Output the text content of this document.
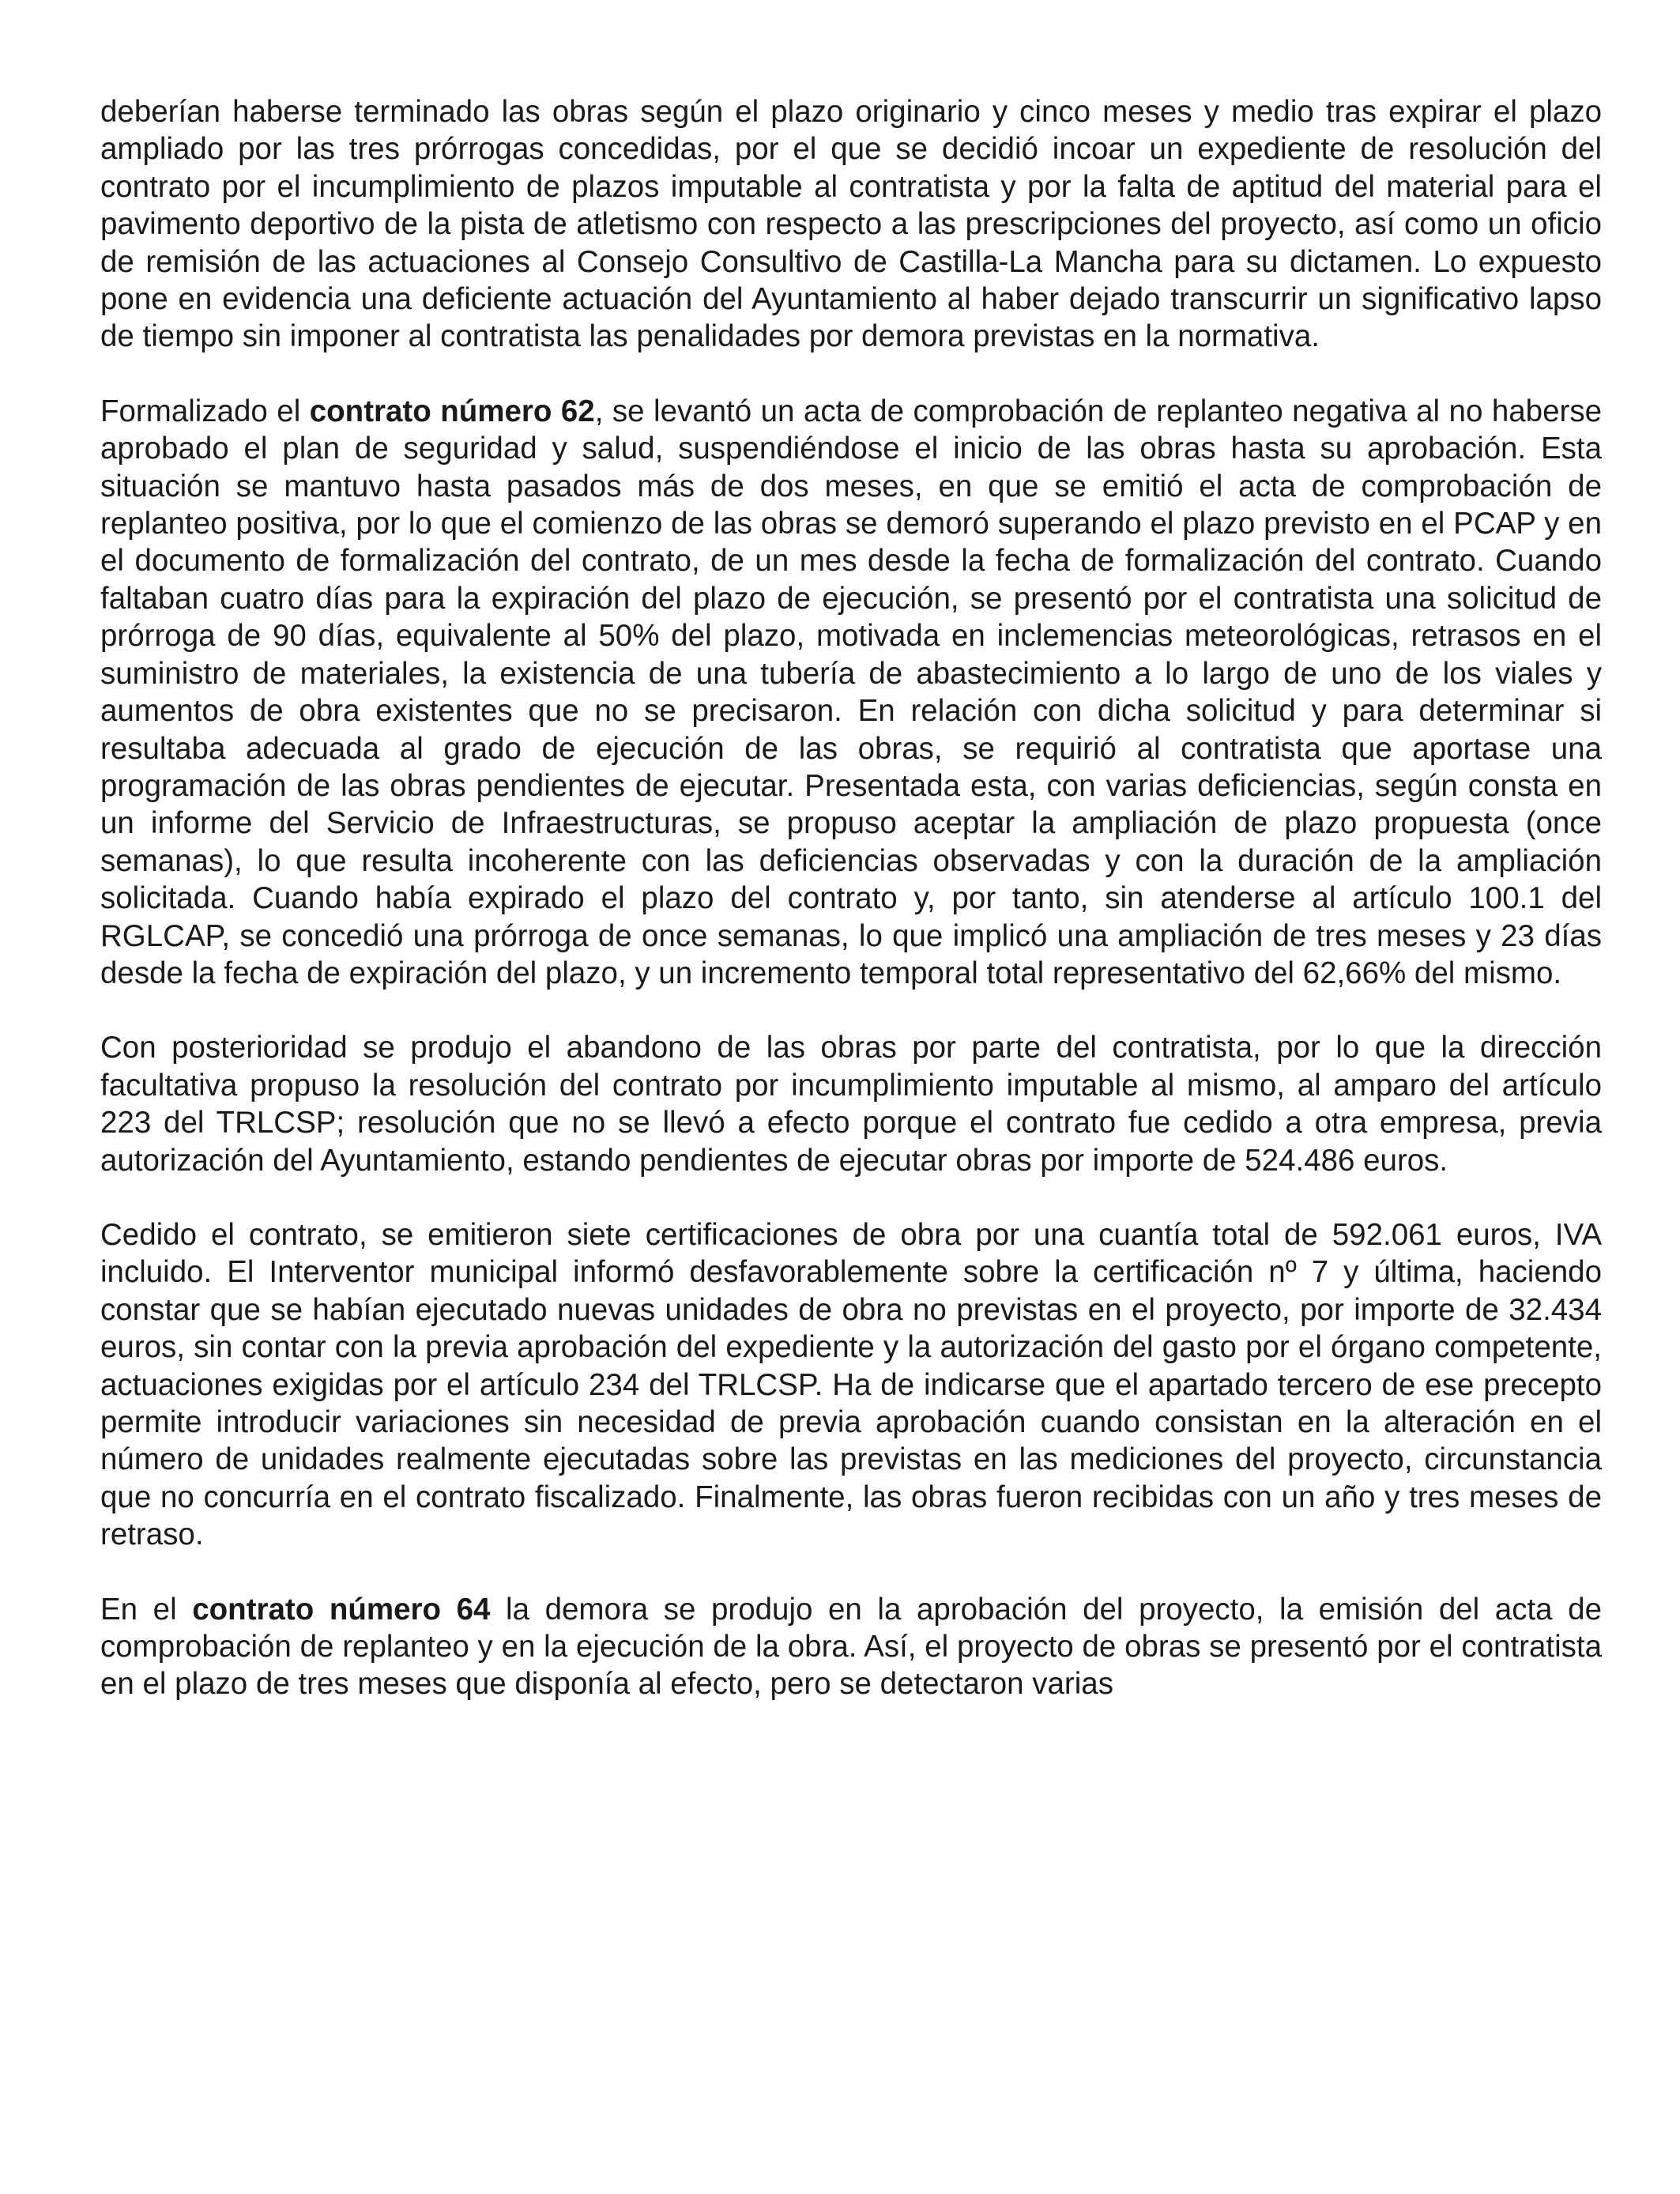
deberían haberse terminado las obras según el plazo originario y cinco meses y medio tras expirar el plazo ampliado por las tres prórrogas concedidas, por el que se decidió incoar un expediente de resolución del contrato por el incumplimiento de plazos imputable al contratista y por la falta de aptitud del material para el pavimento deportivo de la pista de atletismo con respecto a las prescripciones del proyecto, así como un oficio de remisión de las actuaciones al Consejo Consultivo de Castilla-La Mancha para su dictamen. Lo expuesto pone en evidencia una deficiente actuación del Ayuntamiento al haber dejado transcurrir un significativo lapso de tiempo sin imponer al contratista las penalidades por demora previstas en la normativa.

Formalizado el contrato número 62, se levantó un acta de comprobación de replanteo negativa al no haberse aprobado el plan de seguridad y salud, suspendiéndose el inicio de las obras hasta su aprobación. Esta situación se mantuvo hasta pasados más de dos meses, en que se emitió el acta de comprobación de replanteo positiva, por lo que el comienzo de las obras se demoró superando el plazo previsto en el PCAP y en el documento de formalización del contrato, de un mes desde la fecha de formalización del contrato. Cuando faltaban cuatro días para la expiración del plazo de ejecución, se presentó por el contratista una solicitud de prórroga de 90 días, equivalente al 50% del plazo, motivada en inclemencias meteorológicas, retrasos en el suministro de materiales, la existencia de una tubería de abastecimiento a lo largo de uno de los viales y aumentos de obra existentes que no se precisaron. En relación con dicha solicitud y para determinar si resultaba adecuada al grado de ejecución de las obras, se requirió al contratista que aportase una programación de las obras pendientes de ejecutar. Presentada esta, con varias deficiencias, según consta en un informe del Servicio de Infraestructuras, se propuso aceptar la ampliación de plazo propuesta (once semanas), lo que resulta incoherente con las deficiencias observadas y con la duración de la ampliación solicitada. Cuando había expirado el plazo del contrato y, por tanto, sin atenderse al artículo 100.1 del RGLCAP, se concedió una prórroga de once semanas, lo que implicó una ampliación de tres meses y 23 días desde la fecha de expiración del plazo, y un incremento temporal total representativo del 62,66% del mismo.

Con posterioridad se produjo el abandono de las obras por parte del contratista, por lo que la dirección facultativa propuso la resolución del contrato por incumplimiento imputable al mismo, al amparo del artículo 223 del TRLCSP; resolución que no se llevó a efecto porque el contrato fue cedido a otra empresa, previa autorización del Ayuntamiento, estando pendientes de ejecutar obras por importe de 524.486 euros.

Cedido el contrato, se emitieron siete certificaciones de obra por una cuantía total de 592.061 euros, IVA incluido. El Interventor municipal informó desfavorablemente sobre la certificación nº 7 y última, haciendo constar que se habían ejecutado nuevas unidades de obra no previstas en el proyecto, por importe de 32.434 euros, sin contar con la previa aprobación del expediente y la autorización del gasto por el órgano competente, actuaciones exigidas por el artículo 234 del TRLCSP. Ha de indicarse que el apartado tercero de ese precepto permite introducir variaciones sin necesidad de previa aprobación cuando consistan en la alteración en el número de unidades realmente ejecutadas sobre las previstas en las mediciones del proyecto, circunstancia que no concurría en el contrato fiscalizado. Finalmente, las obras fueron recibidas con un año y tres meses de retraso.

En el contrato número 64 la demora se produjo en la aprobación del proyecto, la emisión del acta de comprobación de replanteo y en la ejecución de la obra. Así, el proyecto de obras se presentó por el contratista en el plazo de tres meses que disponía al efecto, pero se detectaron varias
